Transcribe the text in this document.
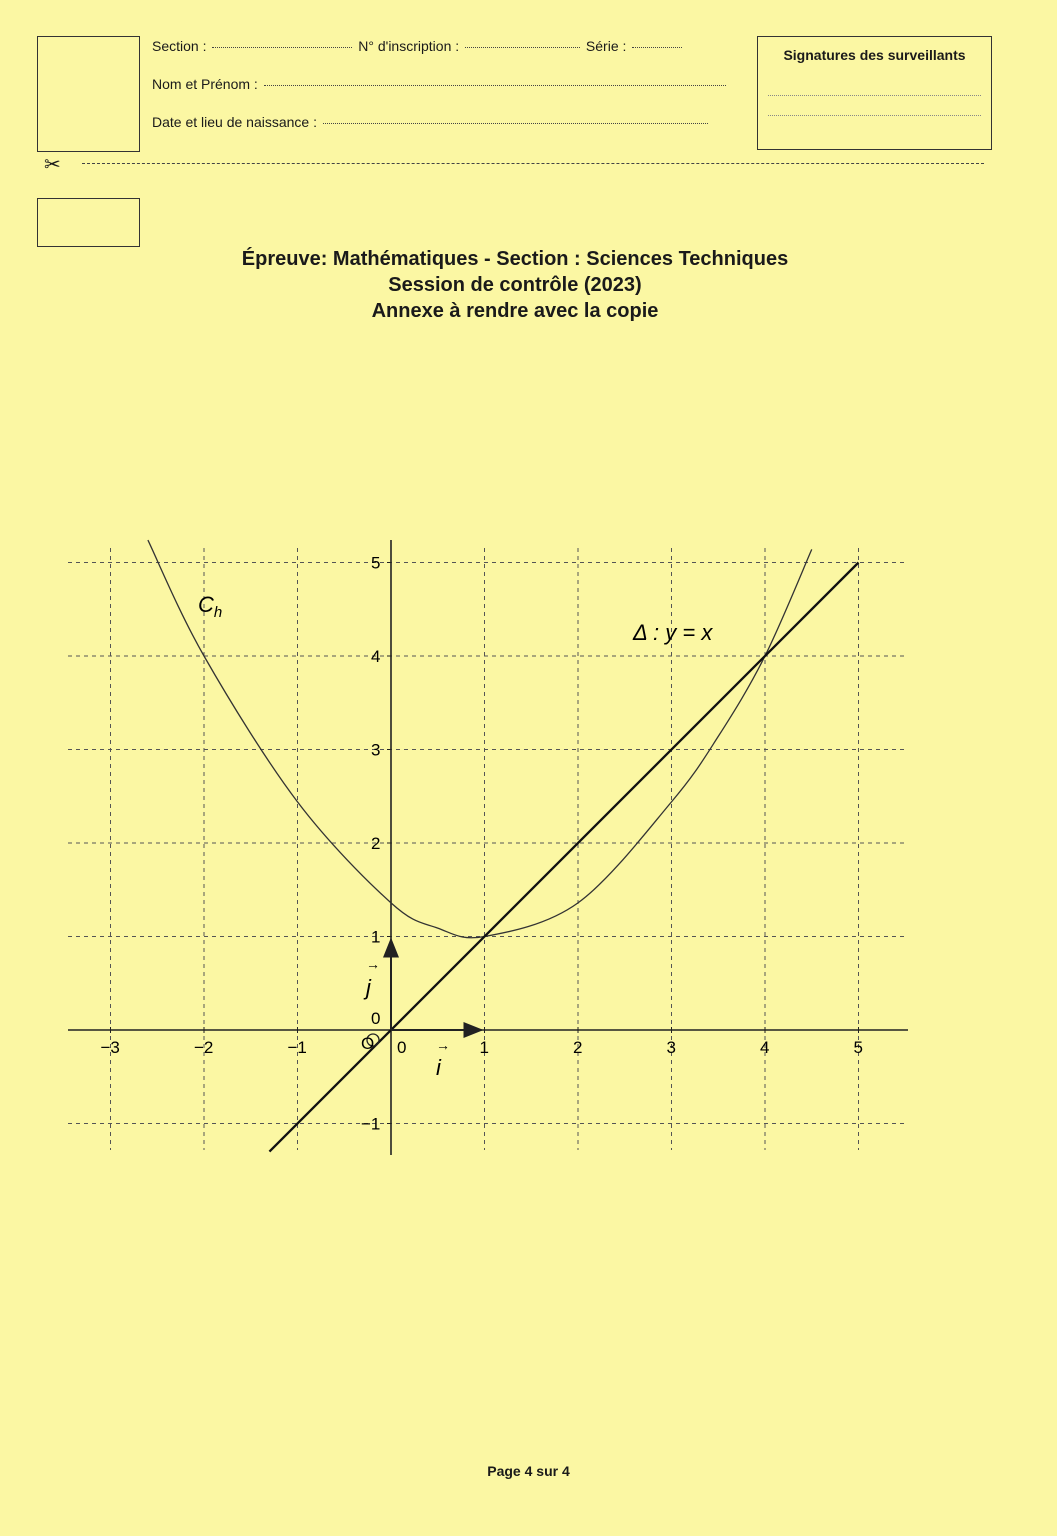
Section :	N° d'inscription :	Série :
Nom et Prénom :
Date et lieu de naissance :
Signatures des surveillants
✂
Épreuve: Mathématiques - Section : Sciences Techniques
Session de contrôle (2023)
Annexe à rendre avec la copie
−3	−2	−1	0	1	2	3	4	5
−1
0
1
2
3
4
5
$C_h$
Δ : y = x
O
i
→
j
→
Page 4 sur 4
